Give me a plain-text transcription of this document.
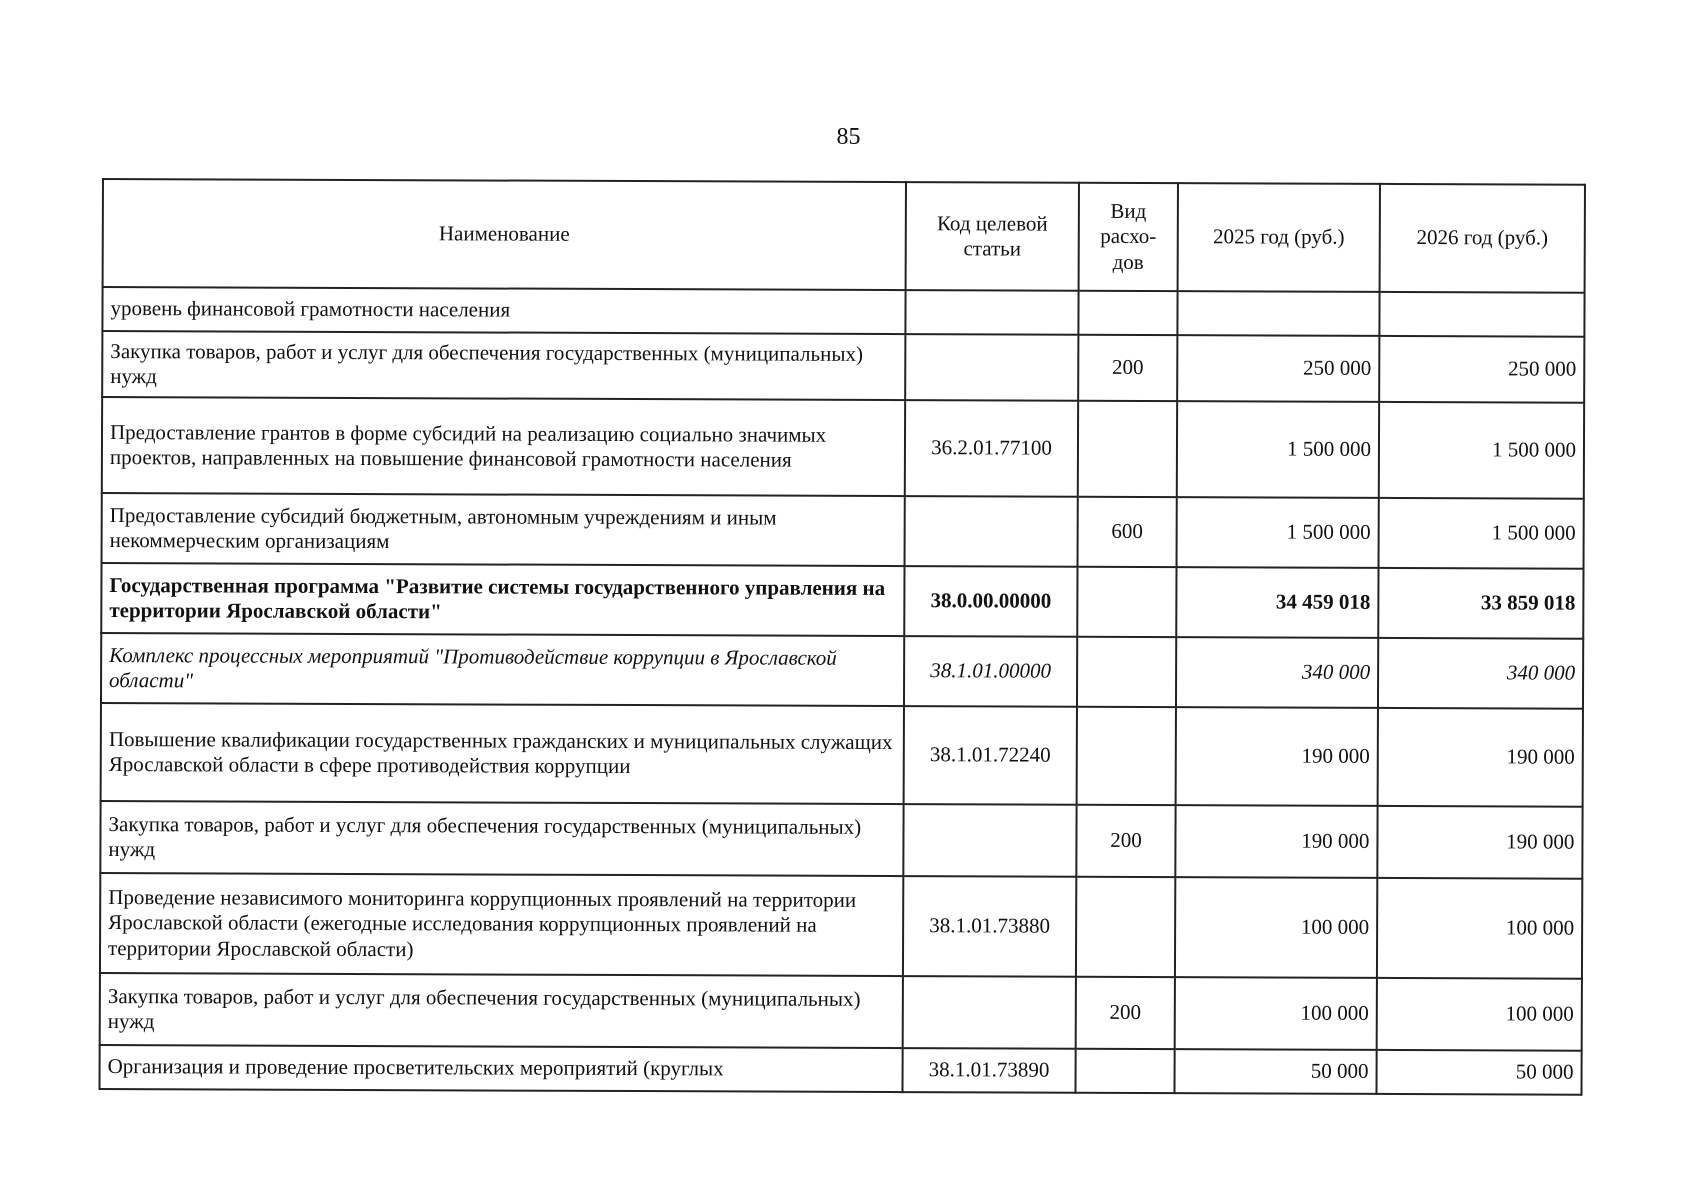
85
Наименование	Код целевой статьи	Вид расхо-дов	2025 год (руб.)	2026 год (руб.)
уровень финансовой грамотности населения				
Закупка товаров, работ и услуг для обеспечения государственных (муниципальных) нужд		200	250 000	250 000
Предоставление грантов в форме субсидий на реализацию социально значимых проектов, направленных на повышение финансовой грамотности населения	36.2.01.77100		1 500 000	1 500 000
Предоставление субсидий бюджетным, автономным учреждениям и иным некоммерческим организациям		600	1 500 000	1 500 000
Государственная программа "Развитие системы государственного управления на территории Ярославской области"	38.0.00.00000		34 459 018	33 859 018
Комплекс процессных мероприятий "Противодействие коррупции в Ярославской области"	38.1.01.00000		340 000	340 000
Повышение квалификации государственных гражданских и муниципальных служащих Ярославской области в сфере противодействия коррупции	38.1.01.72240		190 000	190 000
Закупка товаров, работ и услуг для обеспечения государственных (муниципальных) нужд		200	190 000	190 000
Проведение независимого мониторинга коррупционных проявлений на территории Ярославской области (ежегодные исследования коррупционных проявлений на территории Ярославской области)	38.1.01.73880		100 000	100 000
Закупка товаров, работ и услуг для обеспечения государственных (муниципальных) нужд		200	100 000	100 000
Организация и проведение просветительских мероприятий (круглых	38.1.01.73890		50 000	50 000
